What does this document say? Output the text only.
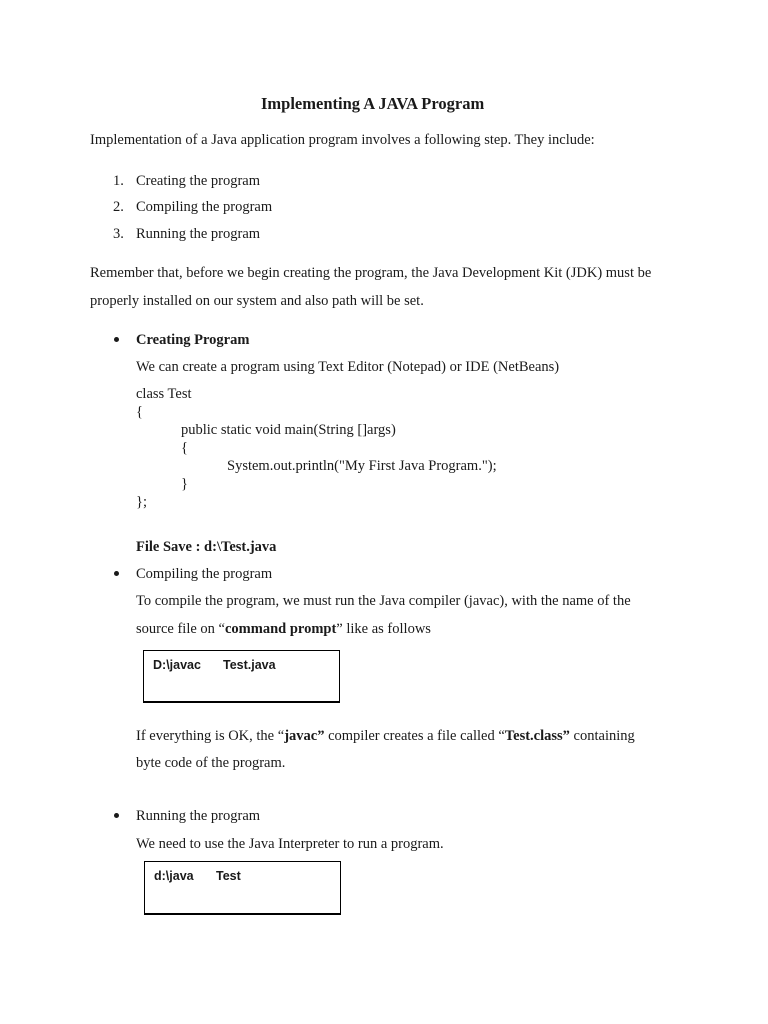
Implementing A JAVA Program

Implementation of a Java application program involves a following step. They include:

1. Creating the program

2. Compiling the program

3. Running the program

Remember that, before we begin creating the program, the Java Development Kit (JDK) must be

properly installed on our system and also path will be set.

Creating Program

We can create a program using Text Editor (Notepad) or IDE (NetBeans)

class Test

{

public static void main(String []args)

{

System.out.println("My First Java Program.");

}

};

File Save : d:\Test.java

Compiling the program

To compile the program, we must run the Java compiler (javac), with the name of the

source file on “command prompt” like as follows

D:\javac Test.java

If everything is OK, the “javac” compiler creates a file called “Test.class” containing

byte code of the program.

Running the program

We need to use the Java Interpreter to run a program.

d:\java Test
